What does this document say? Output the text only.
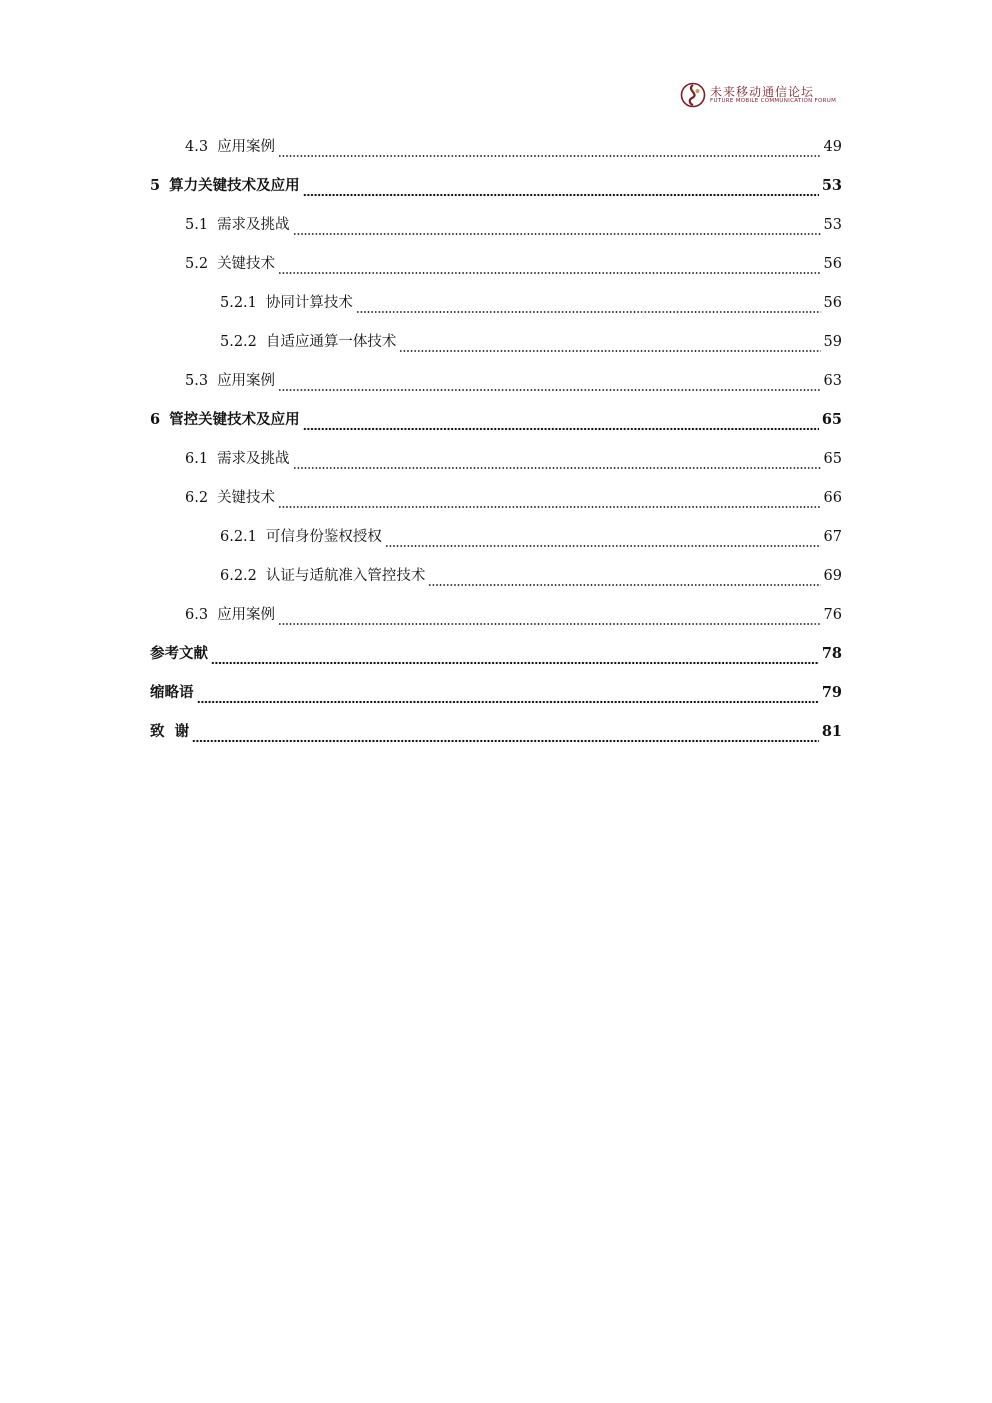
未来移动通信论坛
FUTURE MOBILE COMMUNICATION FORUM
4.3 应用案例	49
5 算力关键技术及应用	53
5.1 需求及挑战	53
5.2 关键技术	56
5.2.1 协同计算技术	56
5.2.2 自适应通算一体技术	59
5.3 应用案例	63
6 管控关键技术及应用	65
6.1 需求及挑战	65
6.2 关键技术	66
6.2.1 可信身份鉴权授权	67
6.2.2 认证与适航准入管控技术	69
6.3 应用案例	76
参考文献	78
缩略语	79
致  谢	81
